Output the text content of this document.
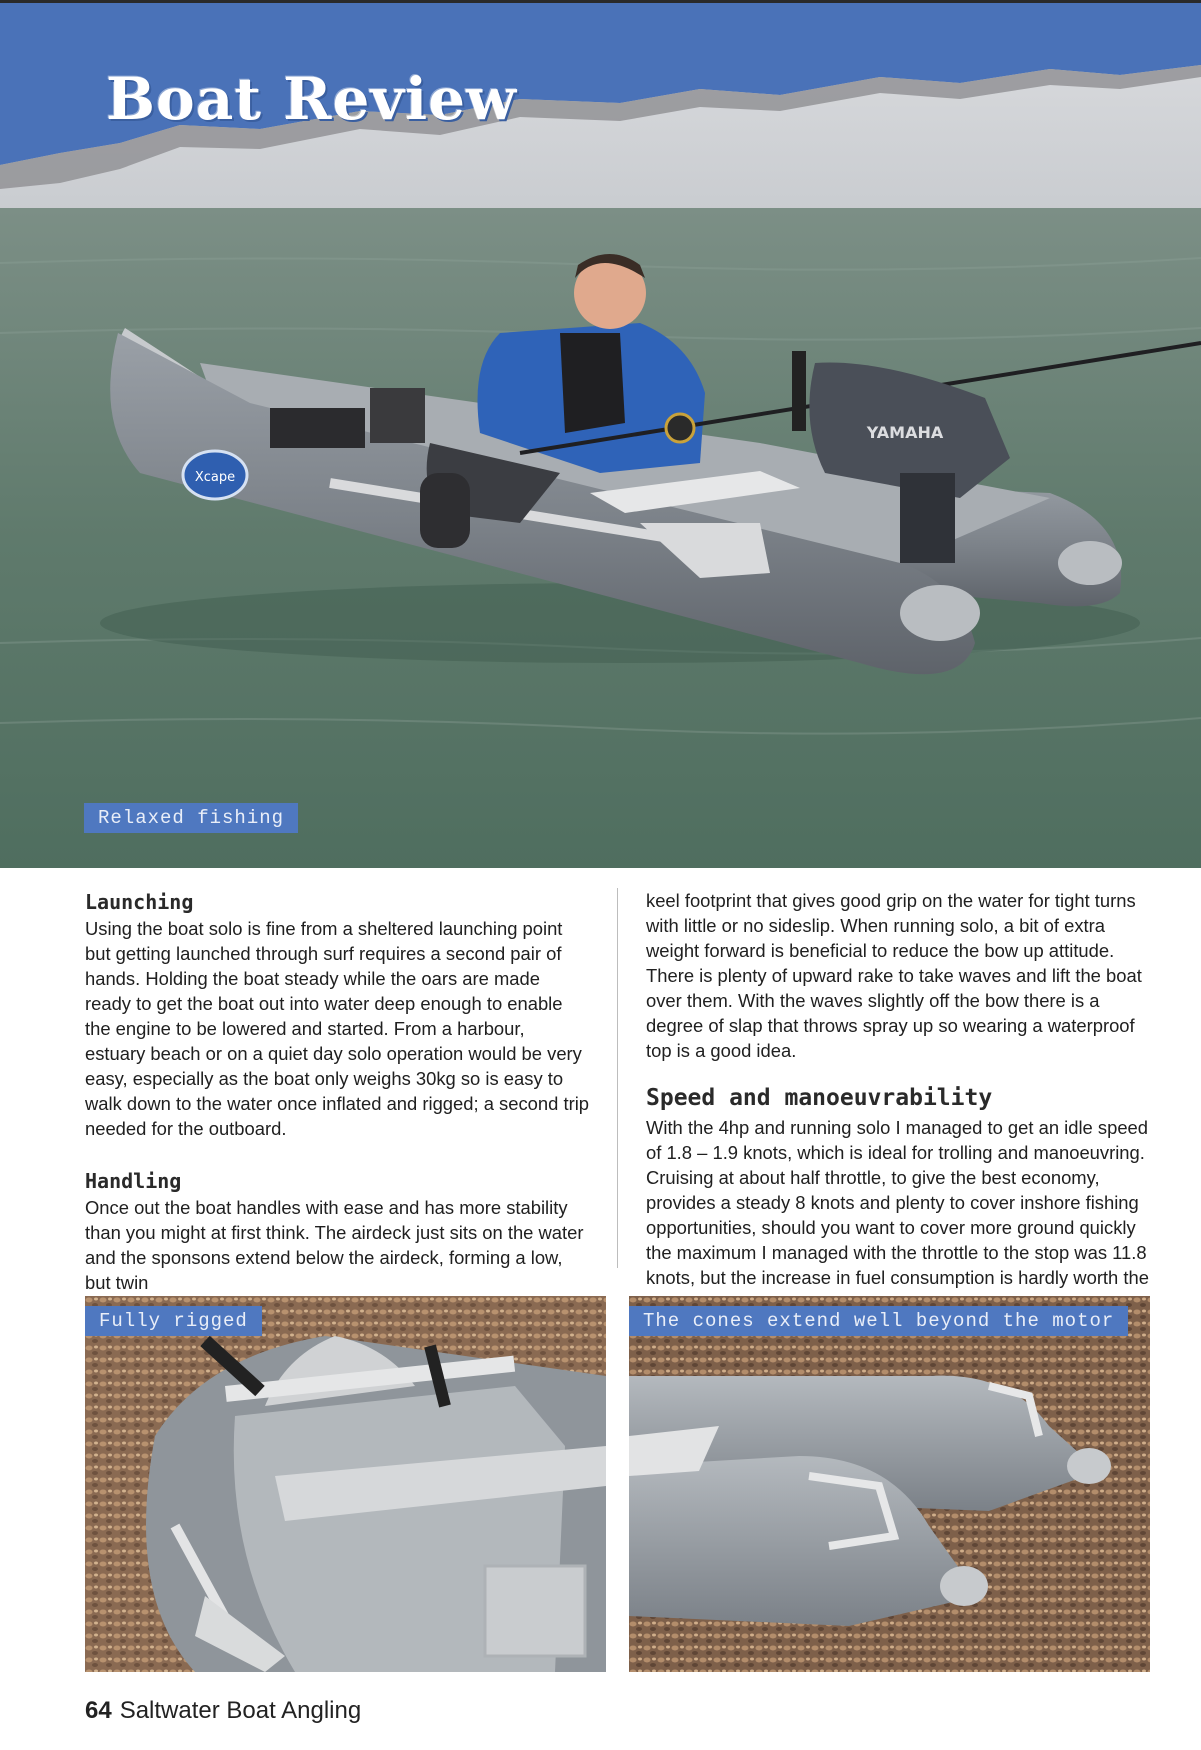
Xcape
YAMAHA
Boat Review
Relaxed fishing
Launching

Using the boat solo is fine from a sheltered launching point but getting launched through surf requires a second pair of hands. Holding the boat steady while the oars are made ready to get the boat out into water deep enough to enable the engine to be lowered and started. From a harbour, estuary beach or on a quiet day solo operation would be very easy, especially as the boat only weighs 30kg so is easy to walk down to the water once inflated and rigged; a second trip needed for the outboard.

Handling

Once out the boat handles with ease and has more stability than you might at first think. The airdeck just sits on the water and the sponsons extend below the airdeck, forming a low, but twin

keel footprint that gives good grip on the water for tight turns with little or no sideslip. When running solo, a bit of extra weight forward is beneficial to reduce the bow up attitude. There is plenty of upward rake to take waves and lift the boat over them. With the waves slightly off the bow there is a degree of slap that throws spray up so wearing a waterproof top is a good idea.

Speed and manoeuvrability

With the 4hp and running solo I managed to get an idle speed of 1.8 – 1.9 knots, which is ideal for trolling and manoeuvring. Cruising at about half throttle, to give the best economy, provides a steady 8 knots and plenty to cover inshore fishing opportunities, should you want to cover more ground quickly the maximum I managed with the throttle to the stop was 11.8 knots, but the increase in fuel consumption is hardly worth the

Fully rigged	The cones extend well beyond the motor
64 Saltwater Boat Angling
